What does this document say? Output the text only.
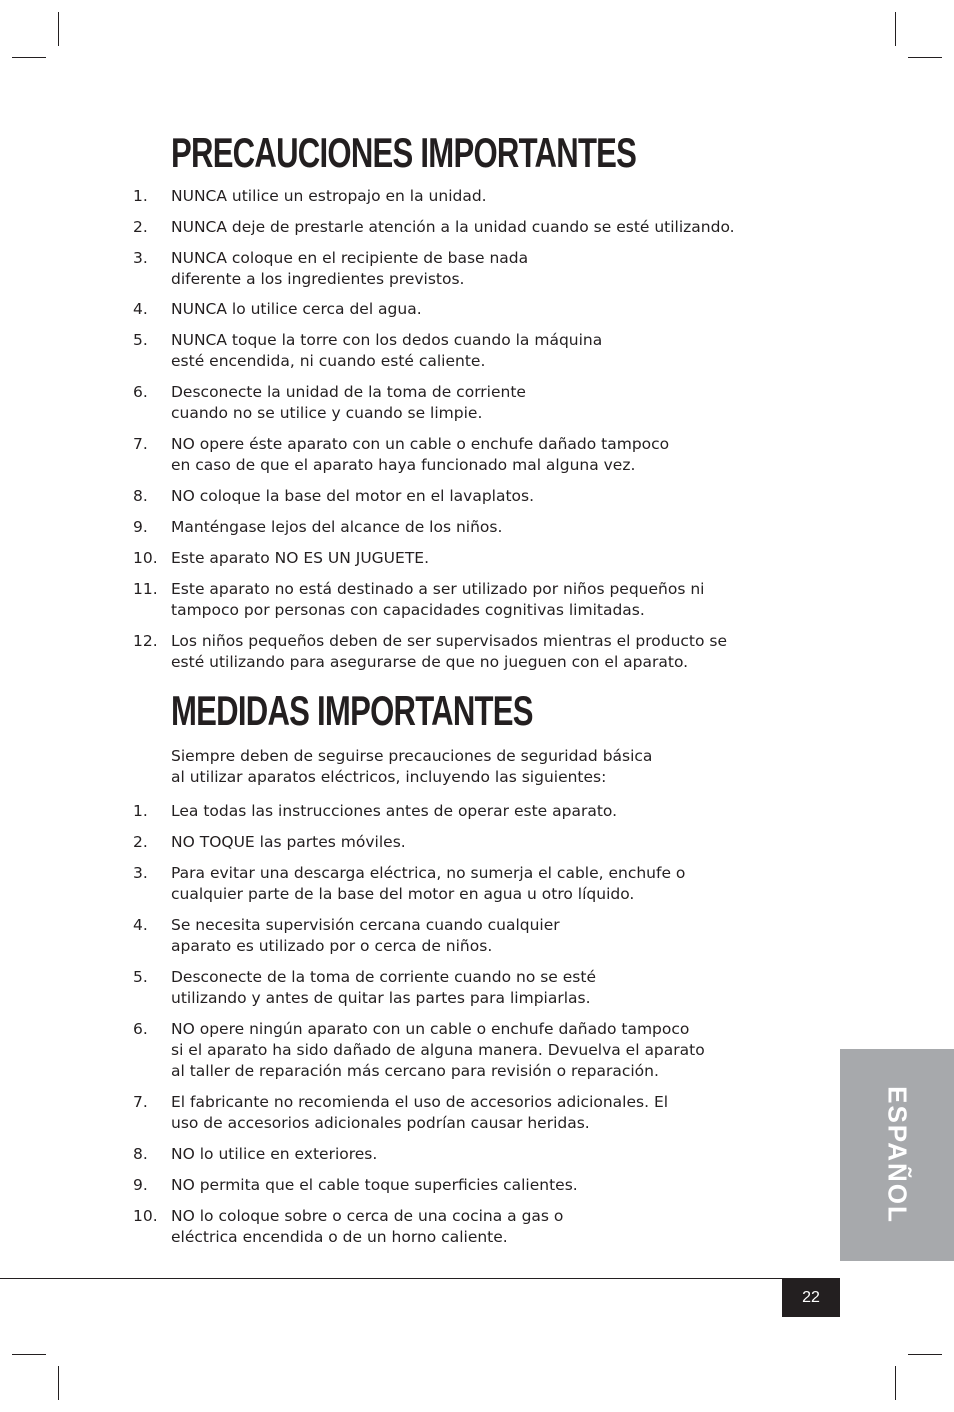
PRECAUCIONES IMPORTANTES
1. NUNCA utilice un estropajo en la unidad.
2. NUNCA deje de prestarle atención a la unidad cuando se esté utilizando.
3. NUNCA coloque en el recipiente de base nada
diferente a los ingredientes previstos.
4. NUNCA lo utilice cerca del agua.
5. NUNCA toque la torre con los dedos cuando la máquina
esté encendida, ni cuando esté caliente.
6. Desconecte la unidad de la toma de corriente
cuando no se utilice y cuando se limpie.
7. NO opere éste aparato con un cable o enchufe dañado tampoco
en caso de que el aparato haya funcionado mal alguna vez.
8. NO coloque la base del motor en el lavaplatos.
9. Manténgase lejos del alcance de los niños.
10. Este aparato NO ES UN JUGUETE.
11. Este aparato no está destinado a ser utilizado por niños pequeños ni
tampoco por personas con capacidades cognitivas limitadas.
12. Los niños pequeños deben de ser supervisados mientras el producto se
esté utilizando para asegurarse de que no jueguen con el aparato.
MEDIDAS IMPORTANTES

Siempre deben de seguirse precauciones de seguridad básica
al utilizar aparatos eléctricos, incluyendo las siguientes:

1. Lea todas las instrucciones antes de operar este aparato.
2. NO TOQUE las partes móviles.
3. Para evitar una descarga eléctrica, no sumerja el cable, enchufe o
cualquier parte de la base del motor en agua u otro líquido.
4. Se necesita supervisión cercana cuando cualquier
aparato es utilizado por o cerca de niños.
5. Desconecte de la toma de corriente cuando no se esté
utilizando y antes de quitar las partes para limpiarlas.
6. NO opere ningún aparato con un cable o enchufe dañado tampoco
si el aparato ha sido dañado de alguna manera. Devuelva el aparato
al taller de reparación más cercano para revisión o reparación.
7. El fabricante no recomienda el uso de accesorios adicionales. El
uso de accesorios adicionales podrían causar heridas.
8. NO lo utilice en exteriores.
9. NO permita que el cable toque superficies calientes.
10. NO lo coloque sobre o cerca de una cocina a gas o
eléctrica encendida o de un horno caliente.
ESPAÑOL
22
